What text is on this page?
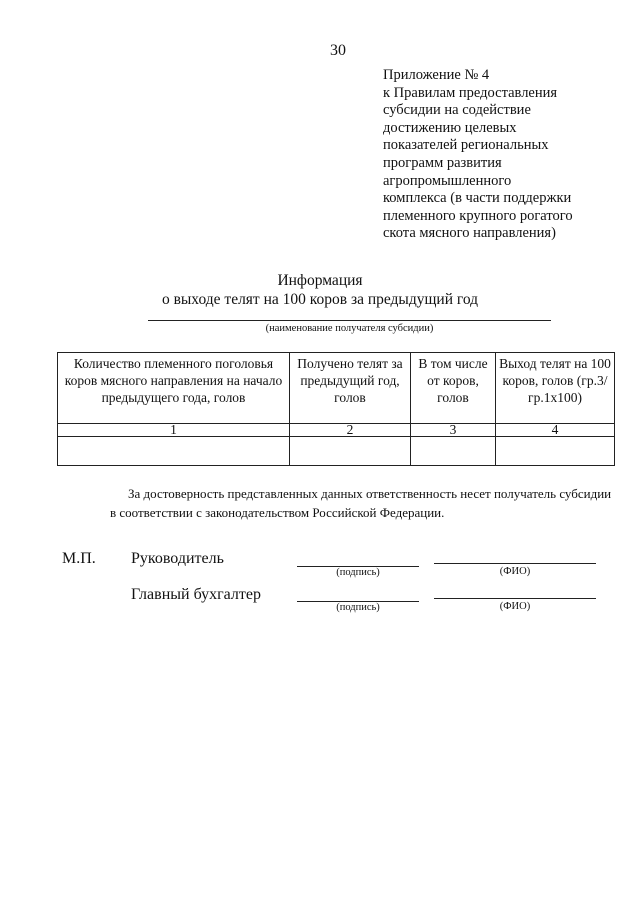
30
Приложение № 4
к Правилам предоставления
субсидии на содействие
достижению целевых
показателей региональных
программ развития
агропромышленного
комплекса (в части поддержки
племенного крупного рогатого
скота мясного направления)
Информация
о выходе телят на 100 коров за предыдущий год
(наименование получателя субсидии)
Количество племенного поголовья коров мясного направления на начало предыдущего года, голов	Получено телят за предыдущий год, голов	В том числе от коров, голов	Выход телят на 100 коров, голов (гр.3/гр.1х100)
1	2	3	4

За достоверность представленных данных ответственность несет получатель субсидии
в соответствии с законодательством Российской Федерации.
М.П. Руководитель
(подпись)	(ФИО)
Главный бухгалтер
(подпись)	(ФИО)
